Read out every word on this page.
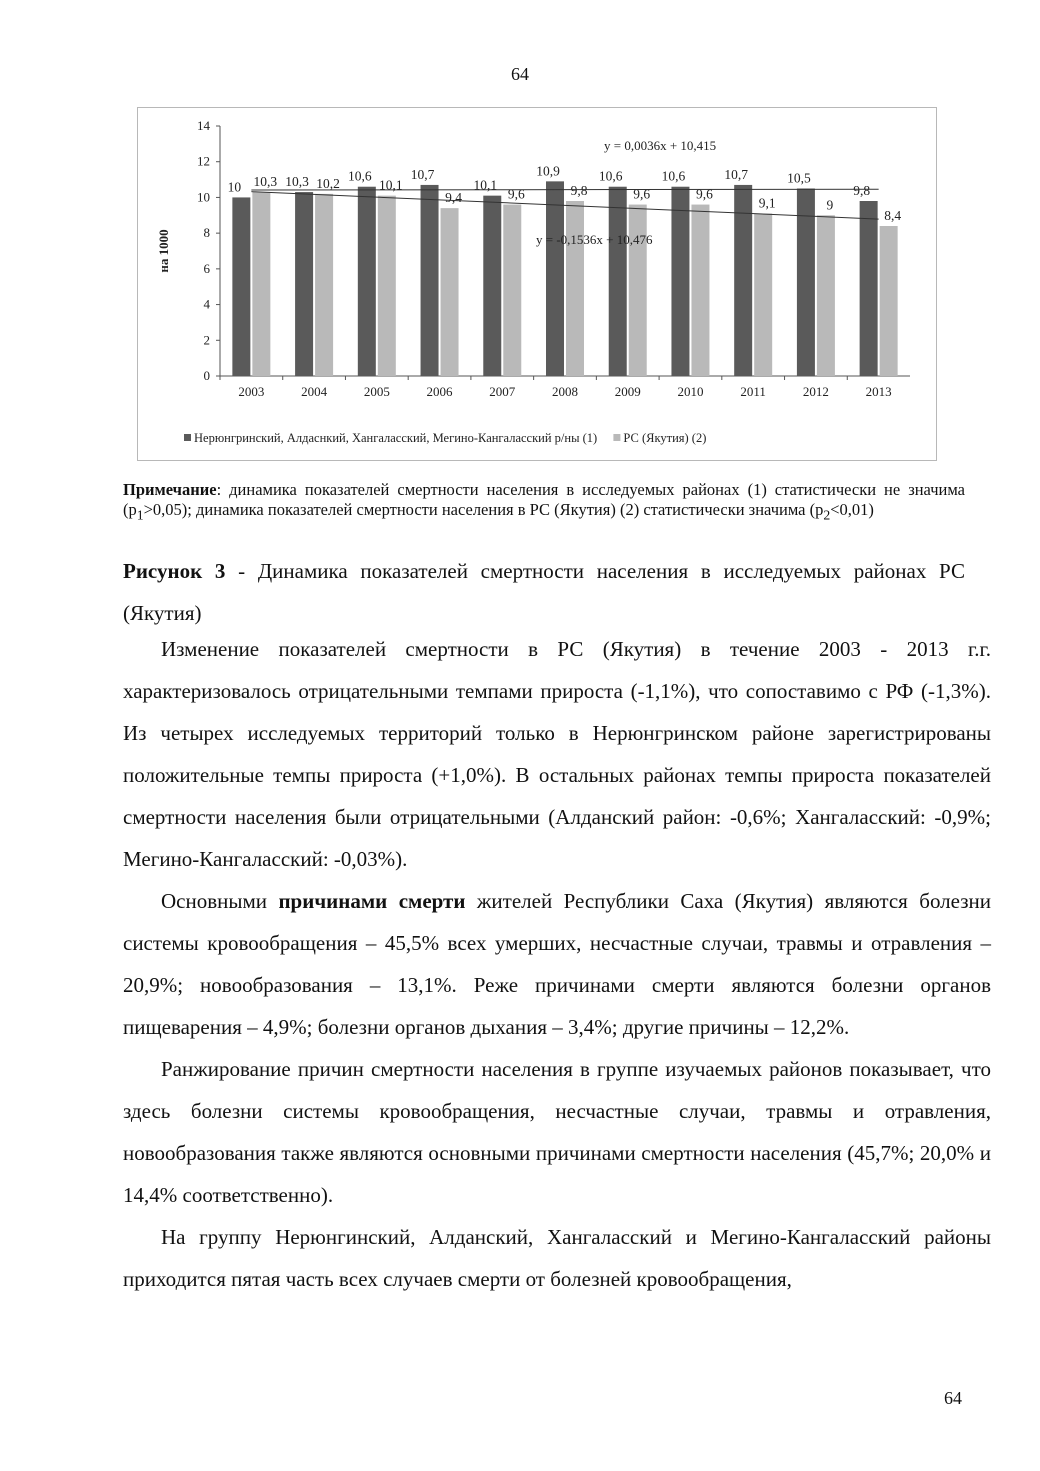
64
0
2
4
6
8
10
12
14
на 1000
2003
10 10,3
2004
10,3 10,2
2005
10,6
10,1
2006
10,7
9,4
2007
10,1
9,6
2008
10,9
9,8
2009
10,6
9,6
2010
10,6
9,6
2011
10,7
9,1
2012
10,5
9
2013
9,8
8,4
y = 0,0036x + 10,415
y = -0,1536x + 10,476
Нерюнгринский, Алдаснкий, Хангаласский, Мегино-Кангаласский р/ны (1) РС (Якутия) (2)
Примечание: динамика показателей смертности населения в исследуемых районах (1) статистически не значима $(p_1>0,05)$; динамика показателей смертности населения в РС (Якутия) (2) статистически значима $(p_2<0,01)$
Рисунок 3 - Динамика показателей смертности населения в исследуемых районах РС (Якутия)

Изменение показателей смертности в РС (Якутия) в течение 2003 - 2013 г.г. характеризовалось отрицательными темпами прироста (-1,1%), что сопоставимо с РФ (-1,3%). Из четырех исследуемых территорий только в Нерюнгринском районе зарегистрированы положительные темпы прироста (+1,0%). В остальных районах темпы прироста показателей смертности населения были отрицательными (Алданский район: -0,6%; Хангаласский: -0,9%; Мегино-Кангаласский: -0,03%).

Основными причинами смерти жителей Республики Саха (Якутия) являются болезни системы кровообращения – 45,5% всех умерших, несчастные случаи, травмы и отравления – 20,9%; новообразования – 13,1%. Реже причинами смерти являются болезни органов пищеварения – 4,9%; болезни органов дыхания – 3,4%; другие причины – 12,2%.

Ранжирование причин смертности населения в группе изучаемых районов показывает, что здесь болезни системы кровообращения, несчастные случаи, травмы и отравления, новообразования также являются основными причинами смертности населения (45,7%; 20,0% и 14,4% соответственно).

На группу Нерюнгинский, Алданский, Хангаласский и Мегино-Кангаласский районы приходится пятая часть всех случаев смерти от болезней кровообращения,

64
